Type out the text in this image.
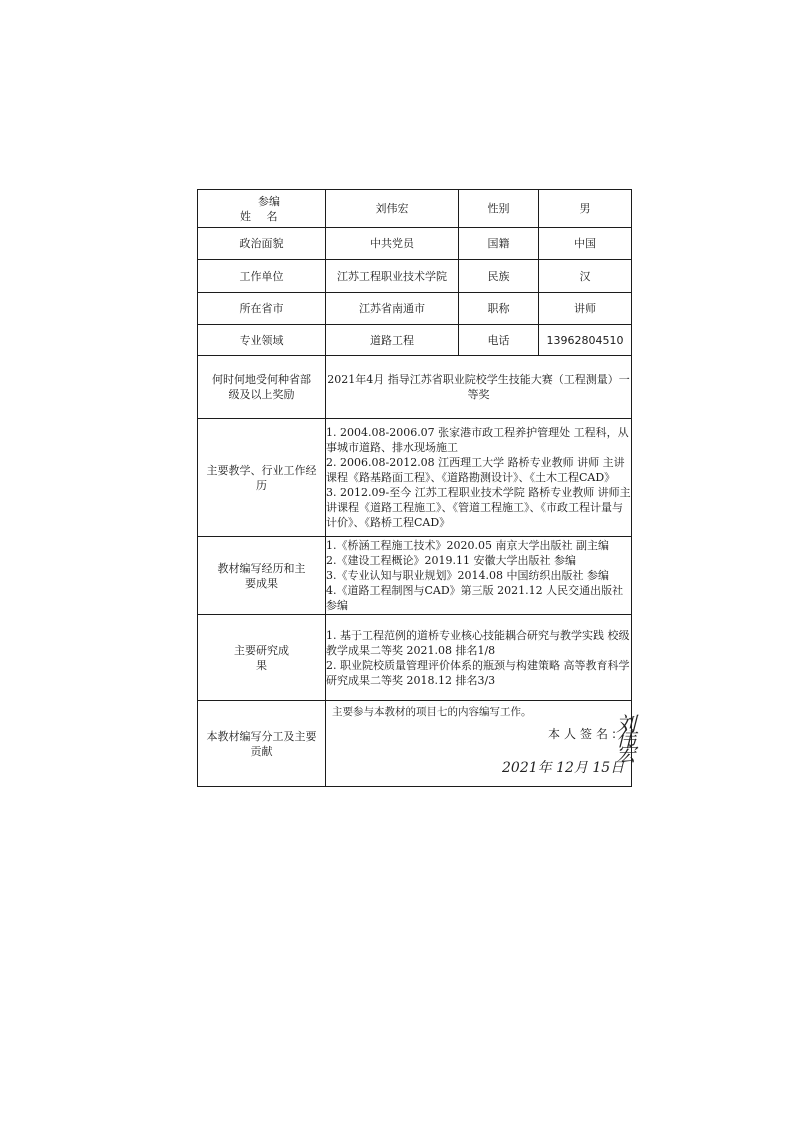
参编
姓 名	刘伟宏	性别	男
政治面貌	中共党员	国籍	中国
工作单位	江苏工程职业技术学院	民族	汉
所在省市	江苏省南通市	职称	讲师
专业领域	道路工程	电话	13962804510
何时何地受何种省部级及以上奖励	2021年4月 指导江苏省职业院校学生技能大赛（工程测量）一等奖		
主要教学、行业工作经历	1. 2004.08-2006.07 张家港市政工程养护管理处 工程科，从事城市道路、排水现场施工
2. 2006.08-2012.08 江西理工大学 路桥专业教师 讲师 主讲课程《路基路面工程》、《道路勘测设计》、《土木工程CAD》
3. 2012.09-至今 江苏工程职业技术学院 路桥专业教师 讲师主讲课程《道路工程施工》、《管道工程施工》、《市政工程计量与计价》、《路桥工程CAD》		

教材编写经历和主要成果	1.《桥涵工程施工技术》2020.05 南京大学出版社 副主编
2.《建设工程概论》2019.11 安徽大学出版社 参编
3.《专业认知与职业规划》2014.08 中国纺织出版社 参编
4.《道路工程制图与CAD》第三版 2021.12 人民交通出版社 参编		

主要研究成果	1. 基于工程范例的道桥专业核心技能耦合研究与教学实践 校级教学成果二等奖 2021.08 排名1/8
2. 职业院校质量管理评价体系的瓶颈与构建策略 高等教育科学研究成果二等奖 2018.12 排名3/3		

本教材编写分工及主要贡献	主要参与本教材的项目七的内容编写工作。
本人签名:
刘伟宏
2021年 12月 15日		
